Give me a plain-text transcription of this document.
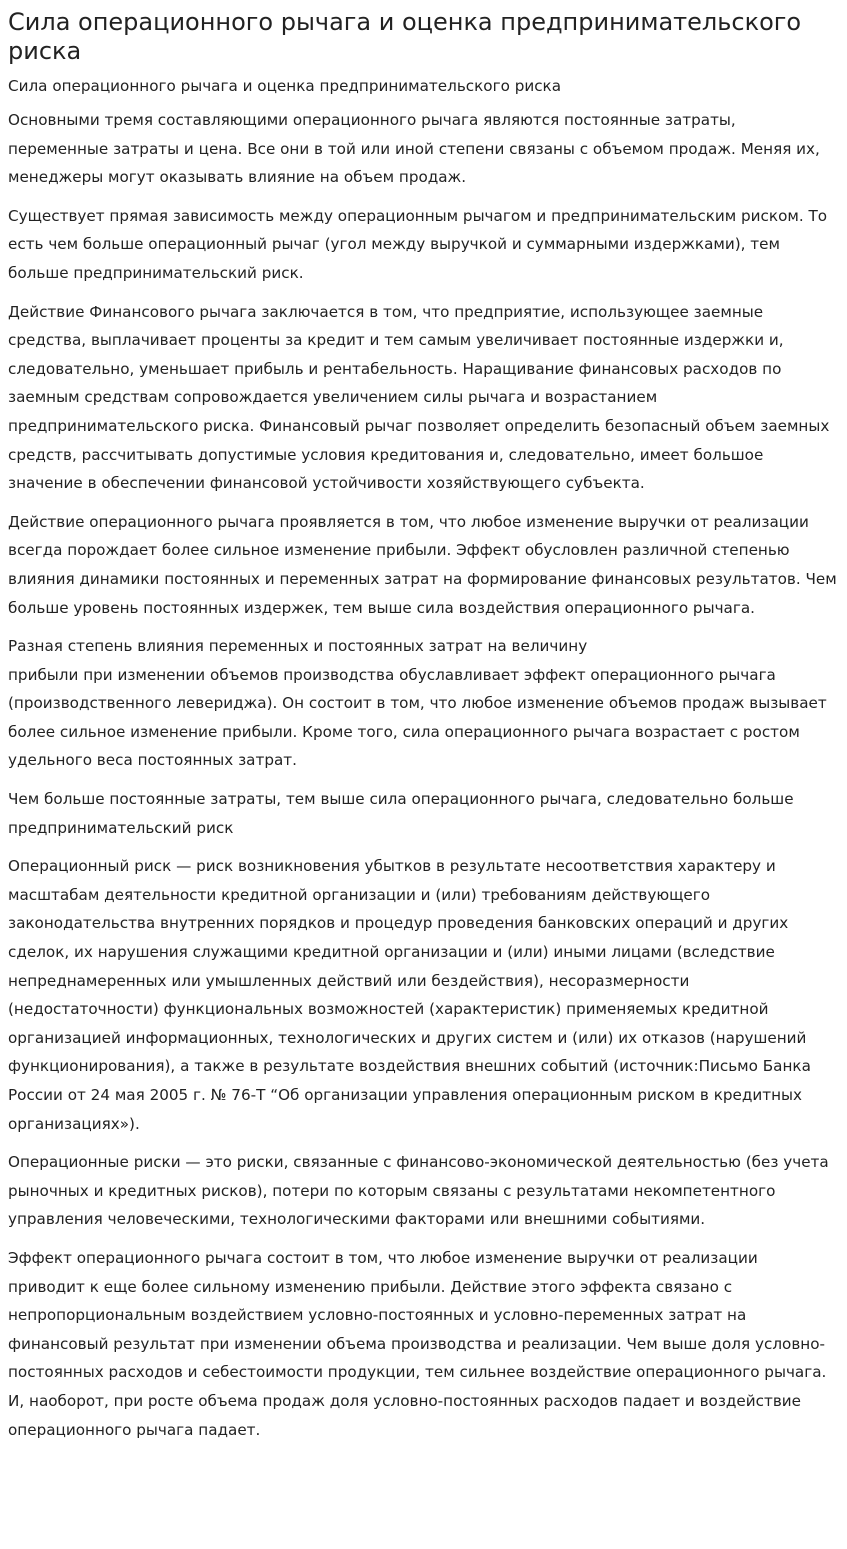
Сила операционного рычага и оценка предпринимательского риска

Сила операционного рычага и оценка предпринимательского риска

Основными тремя составляющими операционного рычага являются постоянные затраты, переменные затраты и цена. Все они в той или иной степени связаны с объемом продаж. Меняя их, менеджеры могут оказывать влияние на объем продаж.

Существует прямая зависимость между операционным рычагом и предпринимательским риском. То есть чем больше операционный рычаг (угол между выручкой и суммарными издержками), тем больше предпринимательский риск.

Действие Финансового рычага заключается в том, что предприятие, использующее заемные средства, выплачивает проценты за кредит и тем самым увеличивает постоянные издержки и, следовательно, уменьшает прибыль и рентабельность. Наращивание финансовых расходов по заемным средствам сопровождается увеличением силы рычага и возрастанием предпринимательского риска. Финансовый рычаг позволяет определить безопасный объем заемных средств, рассчитывать допустимые условия кредитования и, следовательно, имеет большое значение в обеспечении финансовой устойчивости хозяйствующего субъекта.

Действие операционного рычага проявляется в том, что любое изменение выручки от реализации всегда порождает более сильное изменение прибыли. Эффект обусловлен различной степенью влияния динамики постоянных и переменных затрат на формирование финансовых результатов. Чем больше уровень постоянных издержек, тем выше сила воздействия операционного рычага.

Разная степень влияния переменных и постоянных затрат на величину
прибыли при изменении объемов производства обуславливает эффект операционного рычага (производственного левериджа). Он состоит в том, что любое изменение объемов продаж вызывает более сильное изменение прибыли. Кроме того, сила операционного рычага возрастает с ростом удельного веса постоянных затрат.

Чем больше постоянные затраты, тем выше сила операционного рычага, следовательно больше предпринимательский риск

Операционный риск — риск возникновения убытков в результате несоответствия характеру и масштабам деятельности кредитной организации и (или) требованиям действующего законодательства внутренних порядков и процедур проведения банковских операций и других сделок, их нарушения служащими кредитной организации и (или) иными лицами (вследствие непреднамеренных или умышленных действий или бездействия), несоразмерности (недостаточности) функциональных возможностей (характеристик) применяемых кредитной организацией информационных, технологических и других систем и (или) их отказов (нарушений функционирования), а также в результате воздействия внешних событий (источник:Письмо Банка России от 24 мая 2005 г. № 76-Т “Об организации управления операционным риском в кредитных организациях»).

Операционные риски — это риски, связанные с финансово-экономической деятельностью (без учета рыночных и кредитных рисков), потери по которым связаны с результатами некомпетентного управления человеческими, технологическими факторами или внешними событиями.

Эффект операционного рычага состоит в том, что любое изменение выручки от реализации приводит к еще более сильному изменению прибыли. Действие этого эффекта связано с непропорциональным воздействием условно-постоянных и условно-переменных затрат на финансовый результат при изменении объема производства и реализации. Чем выше доля условно-постоянных расходов и себестоимости продукции, тем сильнее воздействие операционного рычага. И, наоборот, при росте объема продаж доля условно-постоянных расходов падает и воздействие операционного рычага падает.
